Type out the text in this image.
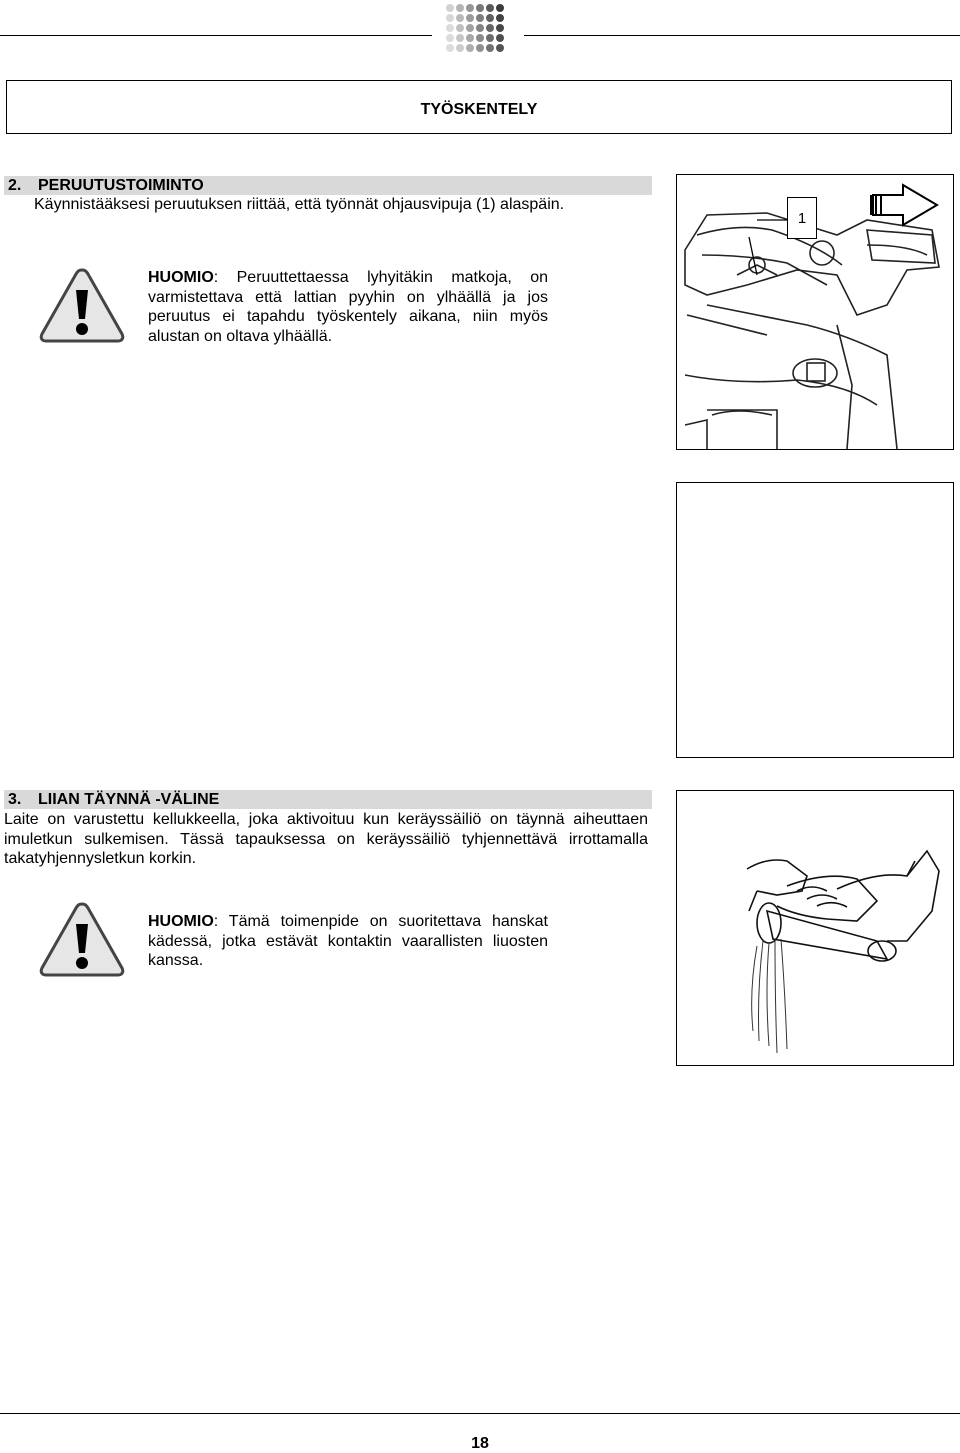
TYÖSKENTELY
2. PERUUTUSTOIMINTO
Käynnistääksesi peruutuksen riittää, että työnnät ohjausvipuja (1) alaspäin.
HUOMIO: Peruuttettaessa lyhyitäkin matkoja, on varmistettava että lattian pyyhin on ylhäällä ja jos peruutus ei tapahdu työskentely aikana, niin myös alustan on oltava ylhäällä.
1
3. LIIAN TÄYNNÄ -VÄLINE
Laite on varustettu kellukkeella, joka aktivoituu kun keräyssäiliö on täynnä aiheuttaen imuletkun sulkemisen. Tässä tapauksessa on keräyssäiliö tyhjennettävä irrottamalla takatyhjennysletkun korkin.
HUOMIO: Tämä toimenpide on suoritettava hanskat kädessä, jotka estävät kontaktin vaarallisten liuosten kanssa.
18
